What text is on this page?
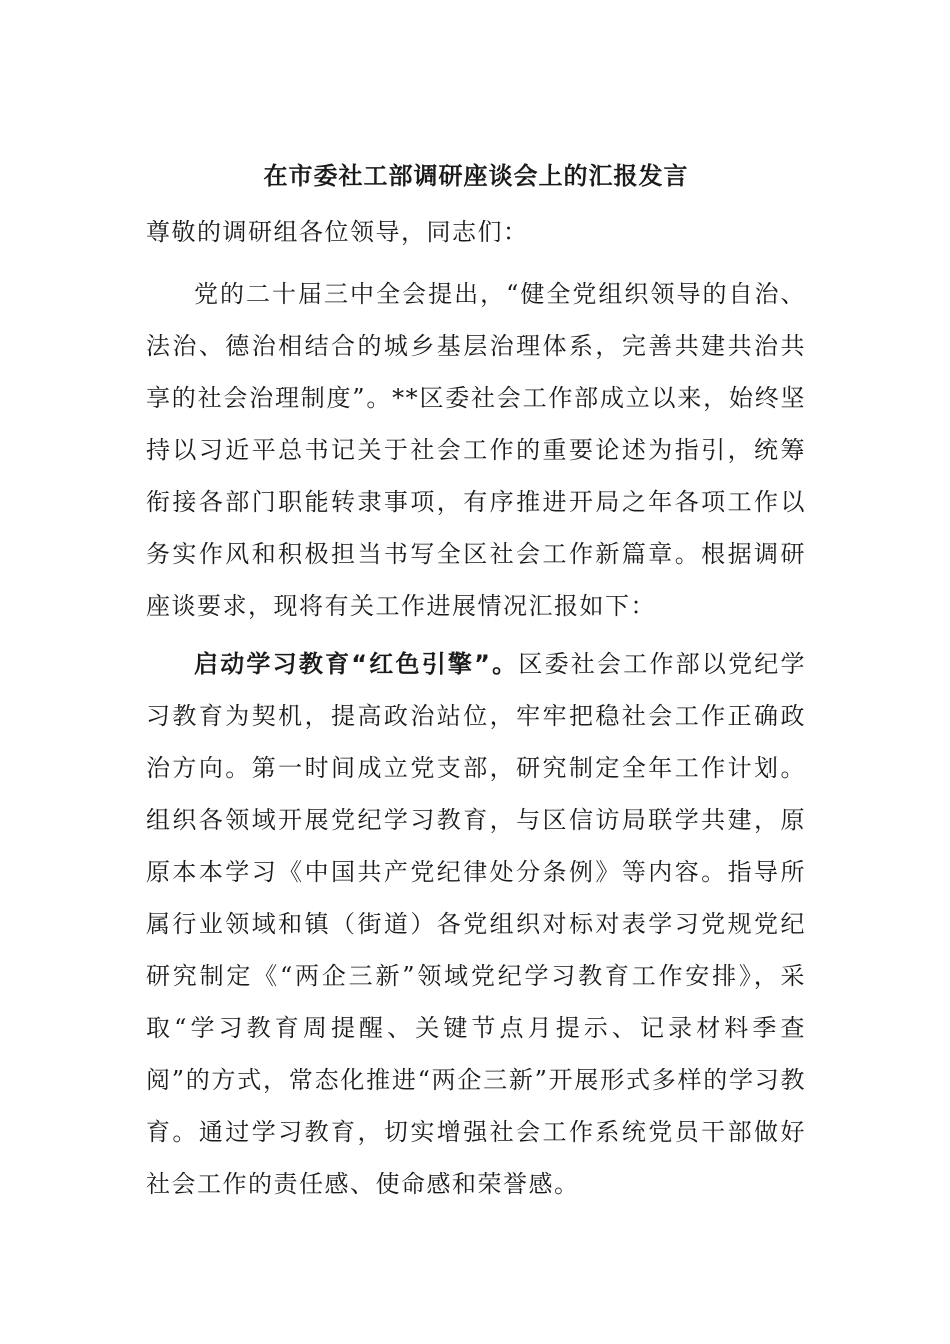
在市委社工部调研座谈会上的汇报发言
尊敬的调研组各位领导，同志们：

党的二十届三中全会提出，“健全党组织领导的自治、法治、德治相结合的城乡基层治理体系，完善共建共治共享的社会治理制度”。**区委社会工作部成立以来，始终坚持以习近平总书记关于社会工作的重要论述为指引，统筹衔接各部门职能转隶事项，有序推进开局之年各项工作以务实作风和积极担当书写全区社会工作新篇章。根据调研座谈要求，现将有关工作进展情况汇报如下：

启动学习教育“红色引擎”。区委社会工作部以党纪学习教育为契机，提高政治站位，牢牢把稳社会工作正确政治方向。第一时间成立党支部，研究制定全年工作计划。组织各领域开展党纪学习教育，与区信访局联学共建，原原本本学习《中国共产党纪律处分条例》等内容。指导所属行业领域和镇（街道）各党组织对标对表学习党规党纪研究制定《“两企三新”领域党纪学习教育工作安排》，采取“学习教育周提醒、关键节点月提示、记录材料季查阅”的方式，常态化推进“两企三新”开展形式多样的学习教育。通过学习教育，切实增强社会工作系统党员干部做好社会工作的责任感、使命感和荣誉感。
